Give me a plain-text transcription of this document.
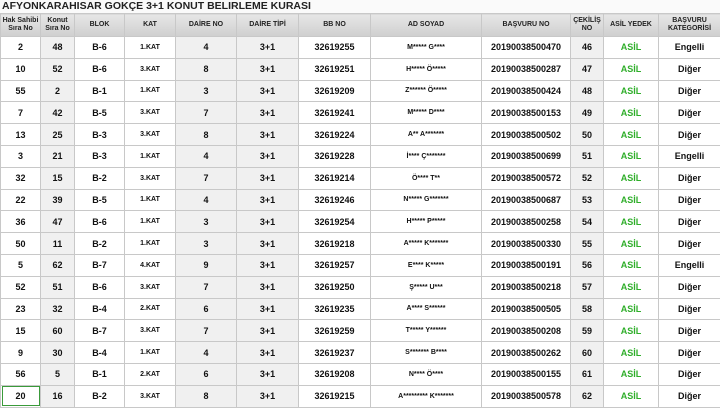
AFYONKARAHISAR GOKÇE 3+1 KONUT BELIRLEME KURASI
Hak Sahibi Sıra No	Konut Sıra No	BLOK	KAT	DAİRE NO	DAİRE TİPİ	BB NO	AD SOYAD	BAŞVURU NO	ÇEKİLİŞ NO	ASİL YEDEK	BAŞVURU KATEGORİSİ
2	48	B-6	1.KAT	4	3+1	32619255	M***** G****	20190038500470	46	ASİL	Engelli
10	52	B-6	3.KAT	8	3+1	32619251	H***** Ö*****	20190038500287	47	ASİL	Diğer
55	2	B-1	1.KAT	3	3+1	32619209	Z****** Ö*****	20190038500424	48	ASİL	Diğer
7	42	B-5	3.KAT	7	3+1	32619241	M***** D****	20190038500153	49	ASİL	Diğer
13	25	B-3	3.KAT	8	3+1	32619224	A** A*******	20190038500502	50	ASİL	Diğer
3	21	B-3	1.KAT	4	3+1	32619228	İ**** Ç*******	20190038500699	51	ASİL	Engelli
32	15	B-2	3.KAT	7	3+1	32619214	Ö**** T**	20190038500572	52	ASİL	Diğer
22	39	B-5	1.KAT	4	3+1	32619246	N***** G*******	20190038500687	53	ASİL	Diğer
36	47	B-6	1.KAT	3	3+1	32619254	H***** P*****	20190038500258	54	ASİL	Diğer
50	11	B-2	1.KAT	3	3+1	32619218	A***** K*******	20190038500330	55	ASİL	Diğer
5	62	B-7	4.KAT	9	3+1	32619257	E**** K*****	20190038500191	56	ASİL	Engelli
52	51	B-6	3.KAT	7	3+1	32619250	Ş***** U***	20190038500218	57	ASİL	Diğer
23	32	B-4	2.KAT	6	3+1	32619235	A**** S******	20190038500505	58	ASİL	Diğer
15	60	B-7	3.KAT	7	3+1	32619259	T***** Y******	20190038500208	59	ASİL	Diğer
9	30	B-4	1.KAT	4	3+1	32619237	S******* B****	20190038500262	60	ASİL	Diğer
56	5	B-1	2.KAT	6	3+1	32619208	N**** Ö****	20190038500155	61	ASİL	Diğer
20	16	B-2	3.KAT	8	3+1	32619215	A********* K*******	20190038500578	62	ASİL	Diğer
